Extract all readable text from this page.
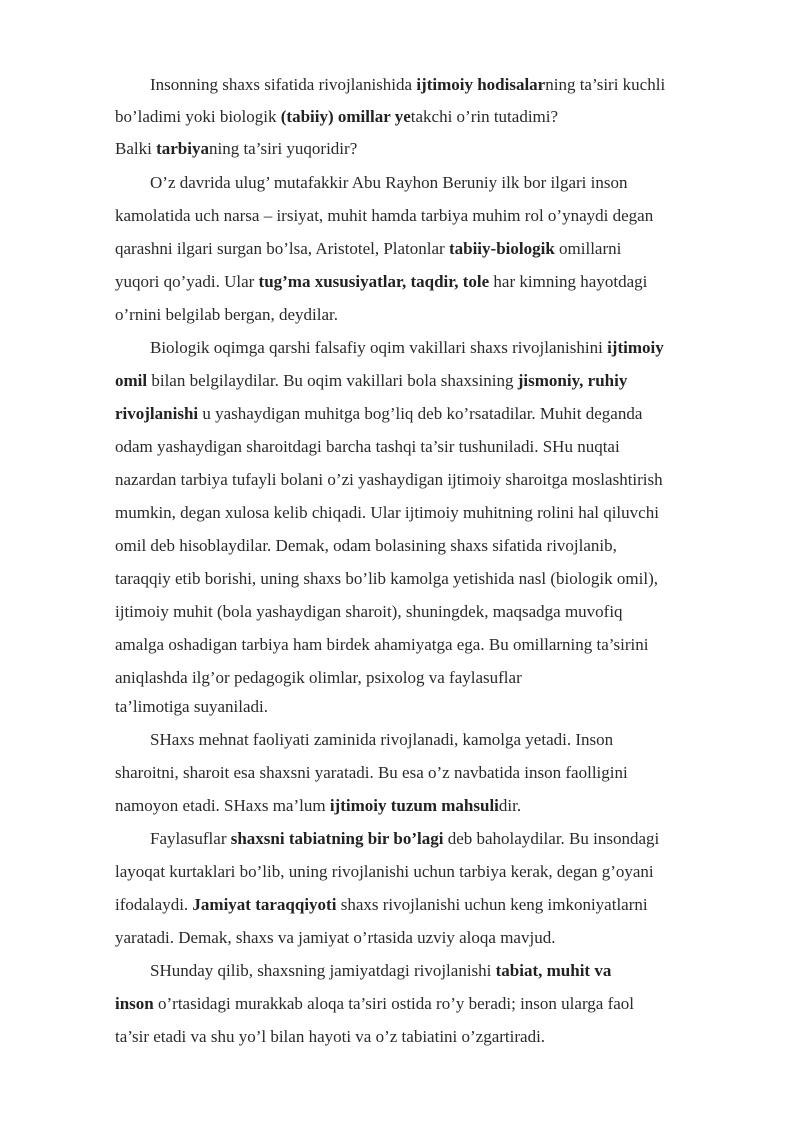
Insonning shaxs sifatida rivojlanishida ijtimoiy hodisalarning ta’siri kuchli
bo’ladimi yoki biologik (tabiiy) omillar yetakchi o’rin tutadimi?
Balki tarbiyaning ta’siri yuqoridir?
O’z davrida ulug’ mutafakkir Abu Rayhon Beruniy ilk bor ilgari inson
kamolatida uch narsa – irsiyat, muhit hamda tarbiya muhim rol o’ynaydi degan
qarashni ilgari surgan bo’lsa, Aristotel, Platonlar tabiiy-biologik omillarni
yuqori qo’yadi. Ular tug’ma xususiyatlar, taqdir, tole har kimning hayotdagi
o’rnini belgilab bergan, deydilar.
Biologik oqimga qarshi falsafiy oqim vakillari shaxs rivojlanishini ijtimoiy
omil bilan belgilaydilar. Bu oqim vakillari bola shaxsining jismoniy, ruhiy
rivojlanishi u yashaydigan muhitga bog’liq deb ko’rsatadilar. Muhit deganda
odam yashaydigan sharoitdagi barcha tashqi ta’sir tushuniladi. SHu nuqtai
nazardan tarbiya tufayli bolani o’zi yashaydigan ijtimoiy sharoitga moslashtirish
mumkin, degan xulosa kelib chiqadi. Ular ijtimoiy muhitning rolini hal qiluvchi
omil deb hisoblaydilar. Demak, odam bolasining shaxs sifatida rivojlanib,
taraqqiy etib borishi, uning shaxs bo’lib kamolga yetishida nasl (biologik omil),
ijtimoiy muhit (bola yashaydigan sharoit), shuningdek, maqsadga muvofiq
amalga oshadigan tarbiya ham birdek ahamiyatga ega. Bu omillarning ta’sirini
aniqlashda ilg’or pedagogik olimlar, psixolog va faylasuflar
ta’limotiga suyaniladi.
SHaxs mehnat faoliyati zaminida rivojlanadi, kamolga yetadi. Inson
sharoitni, sharoit esa shaxsni yaratadi. Bu esa o’z navbatida inson faolligini
namoyon etadi. SHaxs ma’lum ijtimoiy tuzum mahsulidir.
Faylasuflar shaxsni tabiatning bir bo’lagi deb baholaydilar. Bu insondagi
layoqat kurtaklari bo’lib, uning rivojlanishi uchun tarbiya kerak, degan g’oyani
ifodalaydi. Jamiyat taraqqiyoti shaxs rivojlanishi uchun keng imkoniyatlarni
yaratadi. Demak, shaxs va jamiyat o’rtasida uzviy aloqa mavjud.
SHunday qilib, shaxsning jamiyatdagi rivojlanishi tabiat, muhit va
inson o’rtasidagi murakkab aloqa ta’siri ostida ro’y beradi; inson ularga faol
ta’sir etadi va shu yo’l bilan hayoti va o’z tabiatini o’zgartiradi.
